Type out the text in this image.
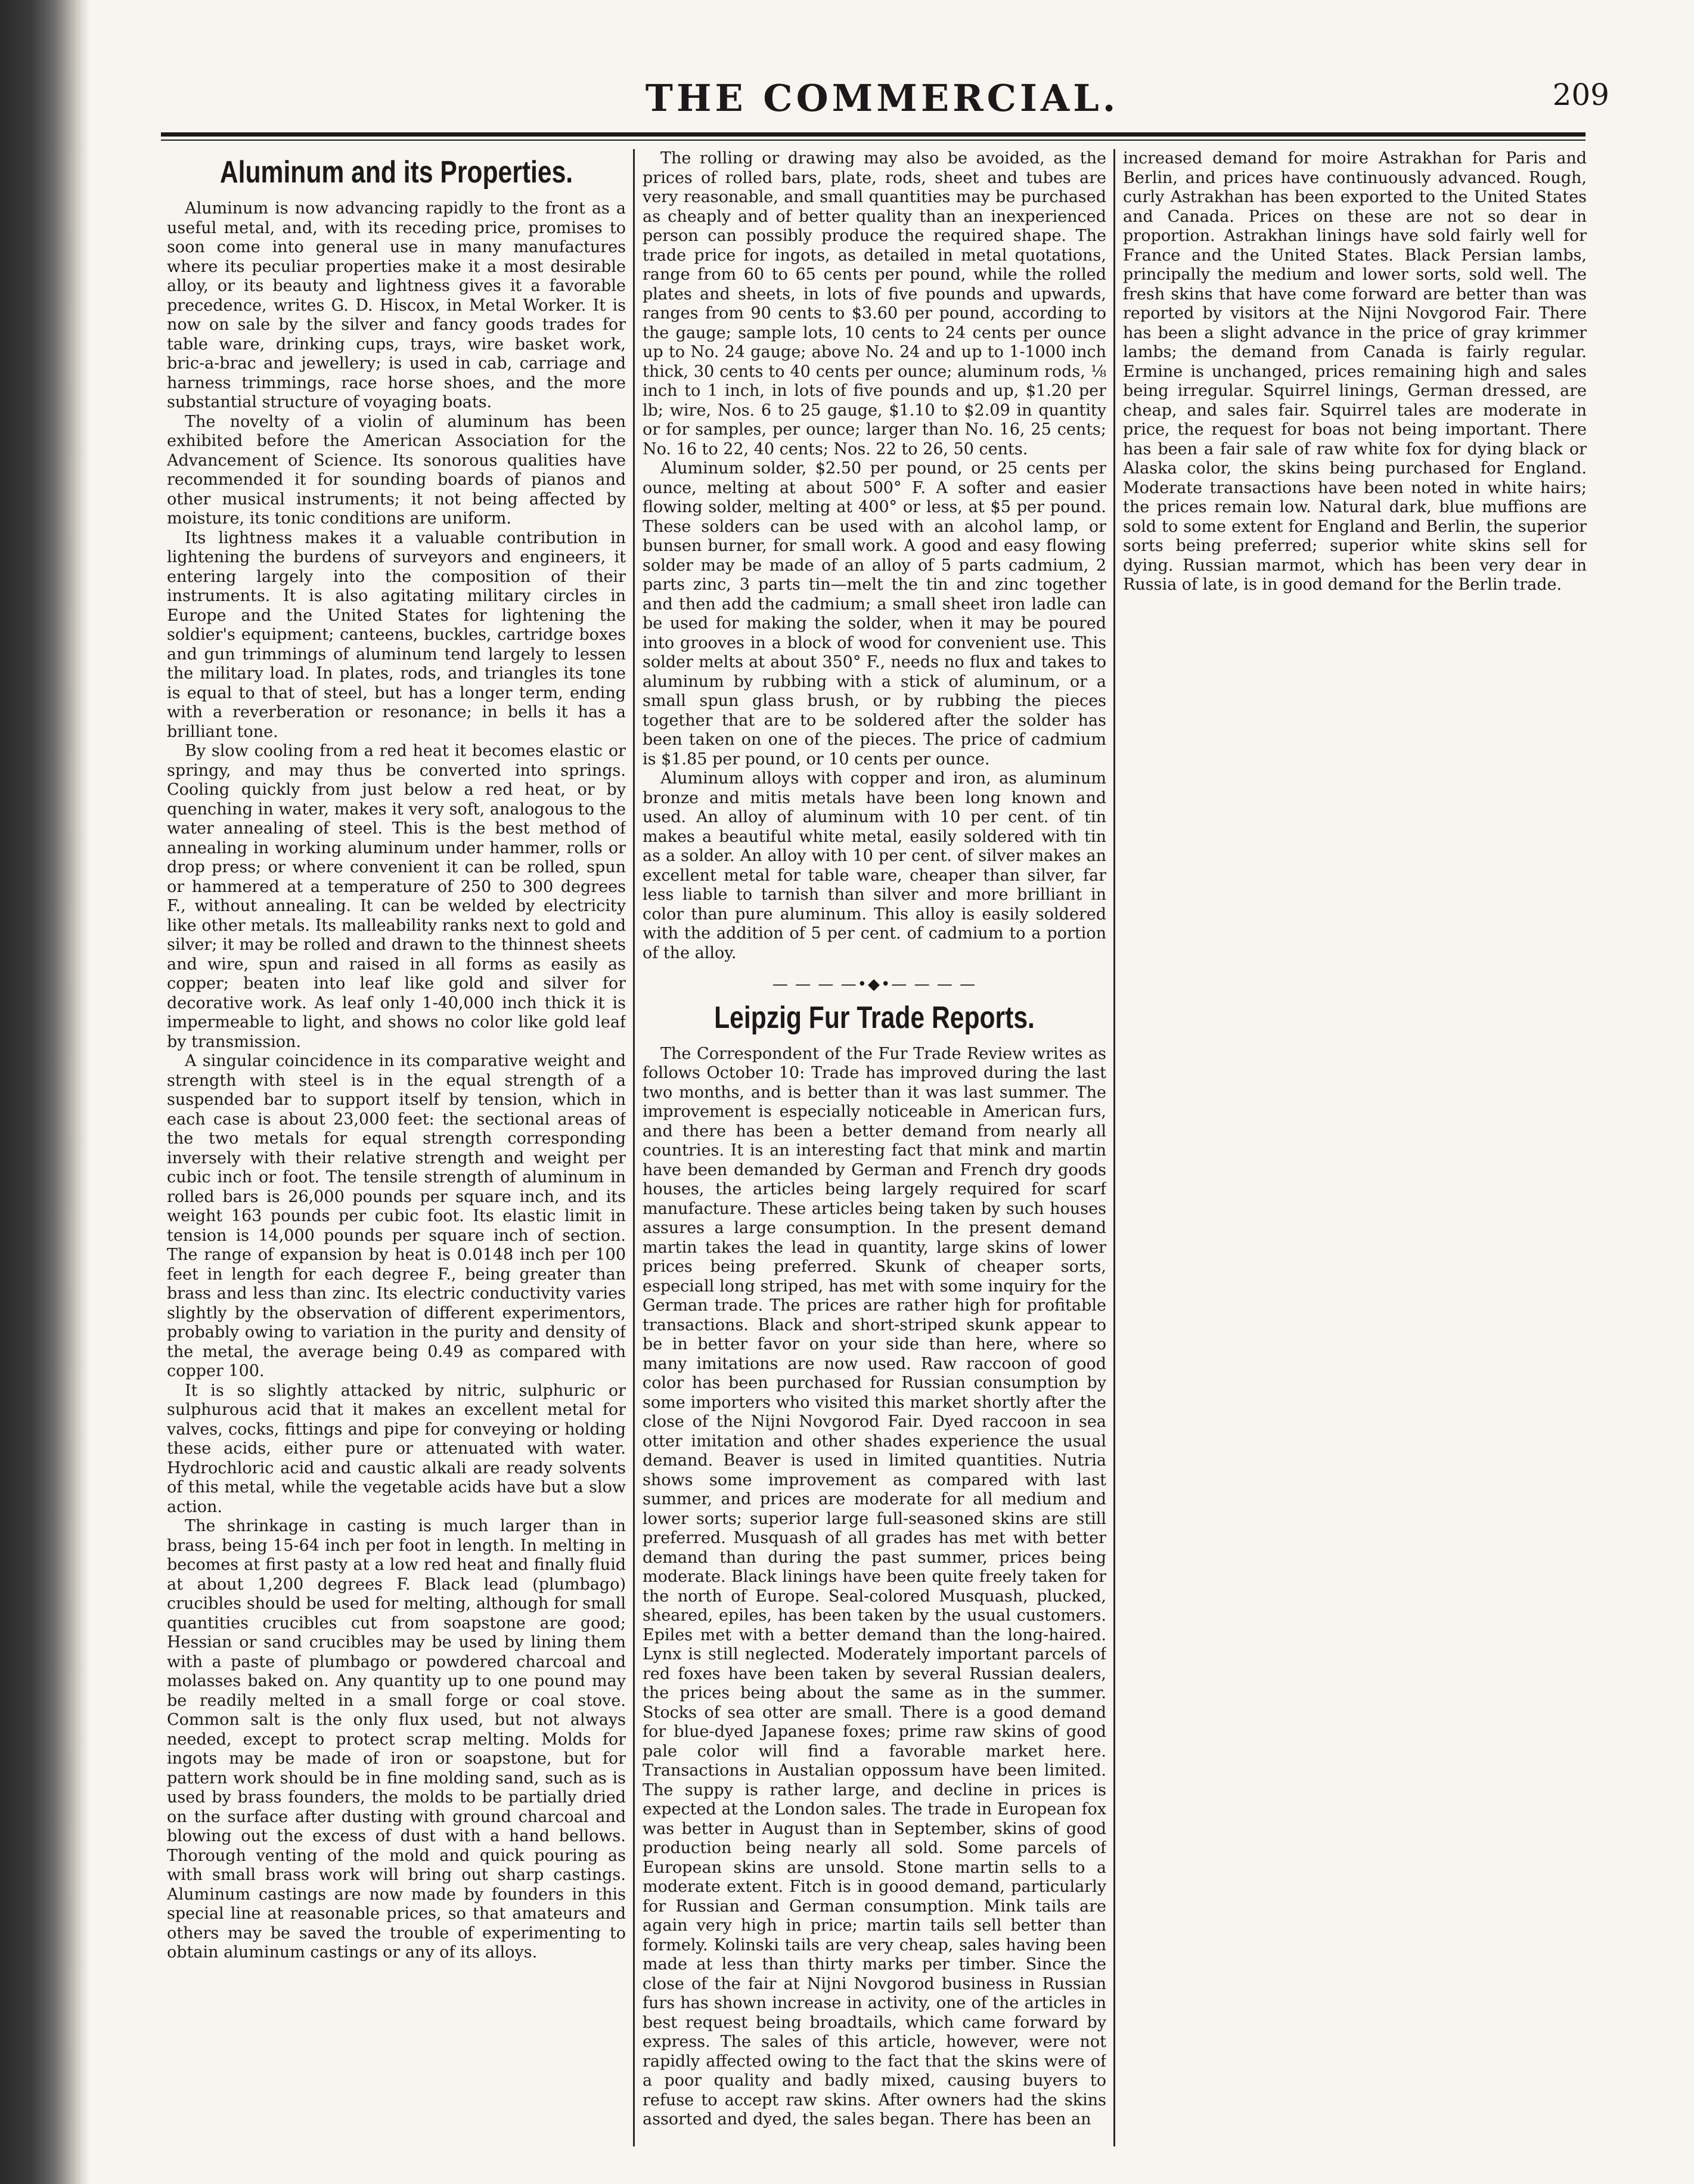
THE COMMERCIAL.	209

Aluminum and its Properties.

Aluminum is now advancing rapidly to the front as a useful metal, and, with its receding price, promises to soon come into general use in many manufactures where its peculiar properties make it a most desirable alloy, or its beauty and lightness gives it a favorable precedence, writes G. D. Hiscox, in Metal Worker. It is now on sale by the silver and fancy goods trades for table ware, drinking cups, trays, wire basket work, bric-a-brac and jewellery; is used in cab, carriage and harness trimmings, race horse shoes, and the more substantial structure of voyaging boats.

The novelty of a violin of aluminum has been exhibited before the American Association for the Advancement of Science. Its sonorous qualities have recommended it for sounding boards of pianos and other musical instruments; it not being affected by moisture, its tonic conditions are uniform.

Its lightness makes it a valuable contribution in lightening the burdens of surveyors and engineers, it entering largely into the composition of their instruments. It is also agitating military circles in Europe and the United States for lightening the soldier's equipment; canteens, buckles, cartridge boxes and gun trimmings of aluminum tend largely to lessen the military load. In plates, rods, and triangles its tone is equal to that of steel, but has a longer term, ending with a reverberation or resonance; in bells it has a brilliant tone.

By slow cooling from a red heat it becomes elastic or springy, and may thus be converted into springs. Cooling quickly from just below a red heat, or by quenching in water, makes it very soft, analogous to the water annealing of steel. This is the best method of annealing in working aluminum under hammer, rolls or drop press; or where convenient it can be rolled, spun or hammered at a temperature of 250 to 300 degrees F., without annealing. It can be welded by electricity like other metals. Its malleability ranks next to gold and silver; it may be rolled and drawn to the thinnest sheets and wire, spun and raised in all forms as easily as copper; beaten into leaf like gold and silver for decorative work. As leaf only 1-40,000 inch thick it is impermeable to light, and shows no color like gold leaf by transmission.

A singular coincidence in its comparative weight and strength with steel is in the equal strength of a suspended bar to support itself by tension, which in each case is about 23,000 feet: the sectional areas of the two metals for equal strength corresponding inversely with their relative strength and weight per cubic inch or foot. The tensile strength of aluminum in rolled bars is 26,000 pounds per square inch, and its weight 163 pounds per cubic foot. Its elastic limit in tension is 14,000 pounds per square inch of section. The range of expansion by heat is 0.0148 inch per 100 feet in length for each degree F., being greater than brass and less than zinc. Its electric conductivity varies slightly by the observation of different experimentors, probably owing to variation in the purity and density of the metal, the average being 0.49 as compared with copper 100.

It is so slightly attacked by nitric, sulphuric or sulphurous acid that it makes an excellent metal for valves, cocks, fittings and pipe for conveying or holding these acids, either pure or attenuated with water. Hydrochloric acid and caustic alkali are ready solvents of this metal, while the vegetable acids have but a slow action.

The shrinkage in casting is much larger than in brass, being 15-64 inch per foot in length. In melting in becomes at first pasty at a low red heat and finally fluid at about 1,200 degrees F. Black lead (plumbago) crucibles should be used for melting, although for small quantities crucibles cut from soapstone are good; Hessian or sand crucibles may be used by lining them with a paste of plumbago or powdered charcoal and molasses baked on. Any quantity up to one pound may be readily melted in a small forge or coal stove. Common salt is the only flux used, but not always needed, except to protect scrap melting. Molds for ingots may be made of iron or soapstone, but for pattern work should be in fine molding sand, such as is used by brass founders, the molds to be partially dried on the surface after dusting with ground charcoal and blowing out the excess of dust with a hand bellows. Thorough venting of the mold and quick pouring as with small brass work will bring out sharp castings. Aluminum castings are now made by founders in this special line at reasonable prices, so that amateurs and others may be saved the trouble of experimenting to obtain aluminum castings or any of its alloys.

The rolling or drawing may also be avoided, as the prices of rolled bars, plate, rods, sheet and tubes are very reasonable, and small quantities may be purchased as cheaply and of better quality than an inexperienced person can possibly produce the required shape. The trade price for ingots, as detailed in metal quotations, range from 60 to 65 cents per pound, while the rolled plates and sheets, in lots of five pounds and upwards, ranges from 90 cents to $3.60 per pound, according to the gauge; sample lots, 10 cents to 24 cents per ounce up to No. 24 gauge; above No. 24 and up to 1-1000 inch thick, 30 cents to 40 cents per ounce; aluminum rods, ⅛ inch to 1 inch, in lots of five pounds and up, $1.20 per lb; wire, Nos. 6 to 25 gauge, $1.10 to $2.09 in quantity or for samples, per ounce; larger than No. 16, 25 cents; No. 16 to 22, 40 cents; Nos. 22 to 26, 50 cents.

Aluminum solder, $2.50 per pound, or 25 cents per ounce, melting at about 500° F. A softer and easier flowing solder, melting at 400° or less, at $5 per pound. These solders can be used with an alcohol lamp, or bunsen burner, for small work. A good and easy flowing solder may be made of an alloy of 5 parts cadmium, 2 parts zinc, 3 parts tin—melt the tin and zinc together and then add the cadmium; a small sheet iron ladle can be used for making the solder, when it may be poured into grooves in a block of wood for convenient use. This solder melts at about 350° F., needs no flux and takes to aluminum by rubbing with a stick of aluminum, or a small spun glass brush, or by rubbing the pieces together that are to be soldered after the solder has been taken on one of the pieces. The price of cadmium is $1.85 per pound, or 10 cents per ounce.

Aluminum alloys with copper and iron, as aluminum bronze and mitis metals have been long known and used. An alloy of aluminum with 10 per cent. of tin makes a beautiful white metal, easily soldered with tin as a solder. An alloy with 10 per cent. of silver makes an excellent metal for table ware, cheaper than silver, far less liable to tarnish than silver and more brilliant in color than pure aluminum. This alloy is easily soldered with the addition of 5 per cent. of cadmium to a portion of the alloy.

— — — —•◆•— — — —
Leipzig Fur Trade Reports.

The Correspondent of the Fur Trade Review writes as follows October 10: Trade has improved during the last two months, and is better than it was last summer. The improvement is especially noticeable in American furs, and there has been a better demand from nearly all countries. It is an interesting fact that mink and martin have been demanded by German and French dry goods houses, the articles being largely required for scarf manufacture. These articles being taken by such houses assures a large consumption. In the present demand martin takes the lead in quantity, large skins of lower prices being preferred. Skunk of cheaper sorts, especiall long striped, has met with some inquiry for the German trade. The prices are rather high for profitable transactions. Black and short-striped skunk appear to be in better favor on your side than here, where so many imitations are now used. Raw raccoon of good color has been purchased for Russian consumption by some importers who visited this market shortly after the close of the Nijni Novgorod Fair. Dyed raccoon in sea otter imitation and other shades experience the usual demand. Beaver is used in limited quantities. Nutria shows some improvement as compared with last summer, and prices are moderate for all medium and lower sorts; superior large full-seasoned skins are still preferred. Musquash of all grades has met with better demand than during the past summer, prices being moderate. Black linings have been quite freely taken for the north of Europe. Seal-colored Musquash, plucked, sheared, epiles, has been taken by the usual customers. Epiles met with a better demand than the long-haired. Lynx is still neglected. Moderately important parcels of red foxes have been taken by several Russian dealers, the prices being about the same as in the summer. Stocks of sea otter are small. There is a good demand for blue-dyed Japanese foxes; prime raw skins of good pale color will find a favorable market here. Transactions in Austalian oppossum have been limited. The suppy is rather large, and decline in prices is expected at the London sales. The trade in European fox was better in August than in September, skins of good production being nearly all sold. Some parcels of European skins are unsold. Stone martin sells to a moderate extent. Fitch is in goood demand, particularly for Russian and German consumption. Mink tails are again very high in price; martin tails sell better than formely. Kolinski tails are very cheap, sales having been made at less than thirty marks per timber. Since the close of the fair at Nijni Novgorod business in Russian furs has shown increase in activity, one of the articles in best request being broadtails, which came forward by express. The sales of this article, however, were not rapidly affected owing to the fact that the skins were of a poor quality and badly mixed, causing buyers to refuse to accept raw skins. After owners had the skins assorted and dyed, the sales began. There has been an

increased demand for moire Astrakhan for Paris and Berlin, and prices have continuously advanced. Rough, curly Astrakhan has been exported to the United States and Canada. Prices on these are not so dear in proportion. Astrakhan linings have sold fairly well for France and the United States. Black Persian lambs, principally the medium and lower sorts, sold well. The fresh skins that have come forward are better than was reported by visitors at the Nijni Novgorod Fair. There has been a slight advance in the price of gray krimmer lambs; the demand from Canada is fairly regular. Ermine is unchanged, prices remaining high and sales being irregular. Squirrel linings, German dressed, are cheap, and sales fair. Squirrel tales are moderate in price, the request for boas not being important. There has been a fair sale of raw white fox for dying black or Alaska color, the skins being purchased for England. Moderate transactions have been noted in white hairs; the prices remain low. Natural dark, blue muffions are sold to some extent for England and Berlin, the superior sorts being preferred; superior white skins sell for dying. Russian marmot, which has been very dear in Russia of late, is in good demand for the Berlin trade.
